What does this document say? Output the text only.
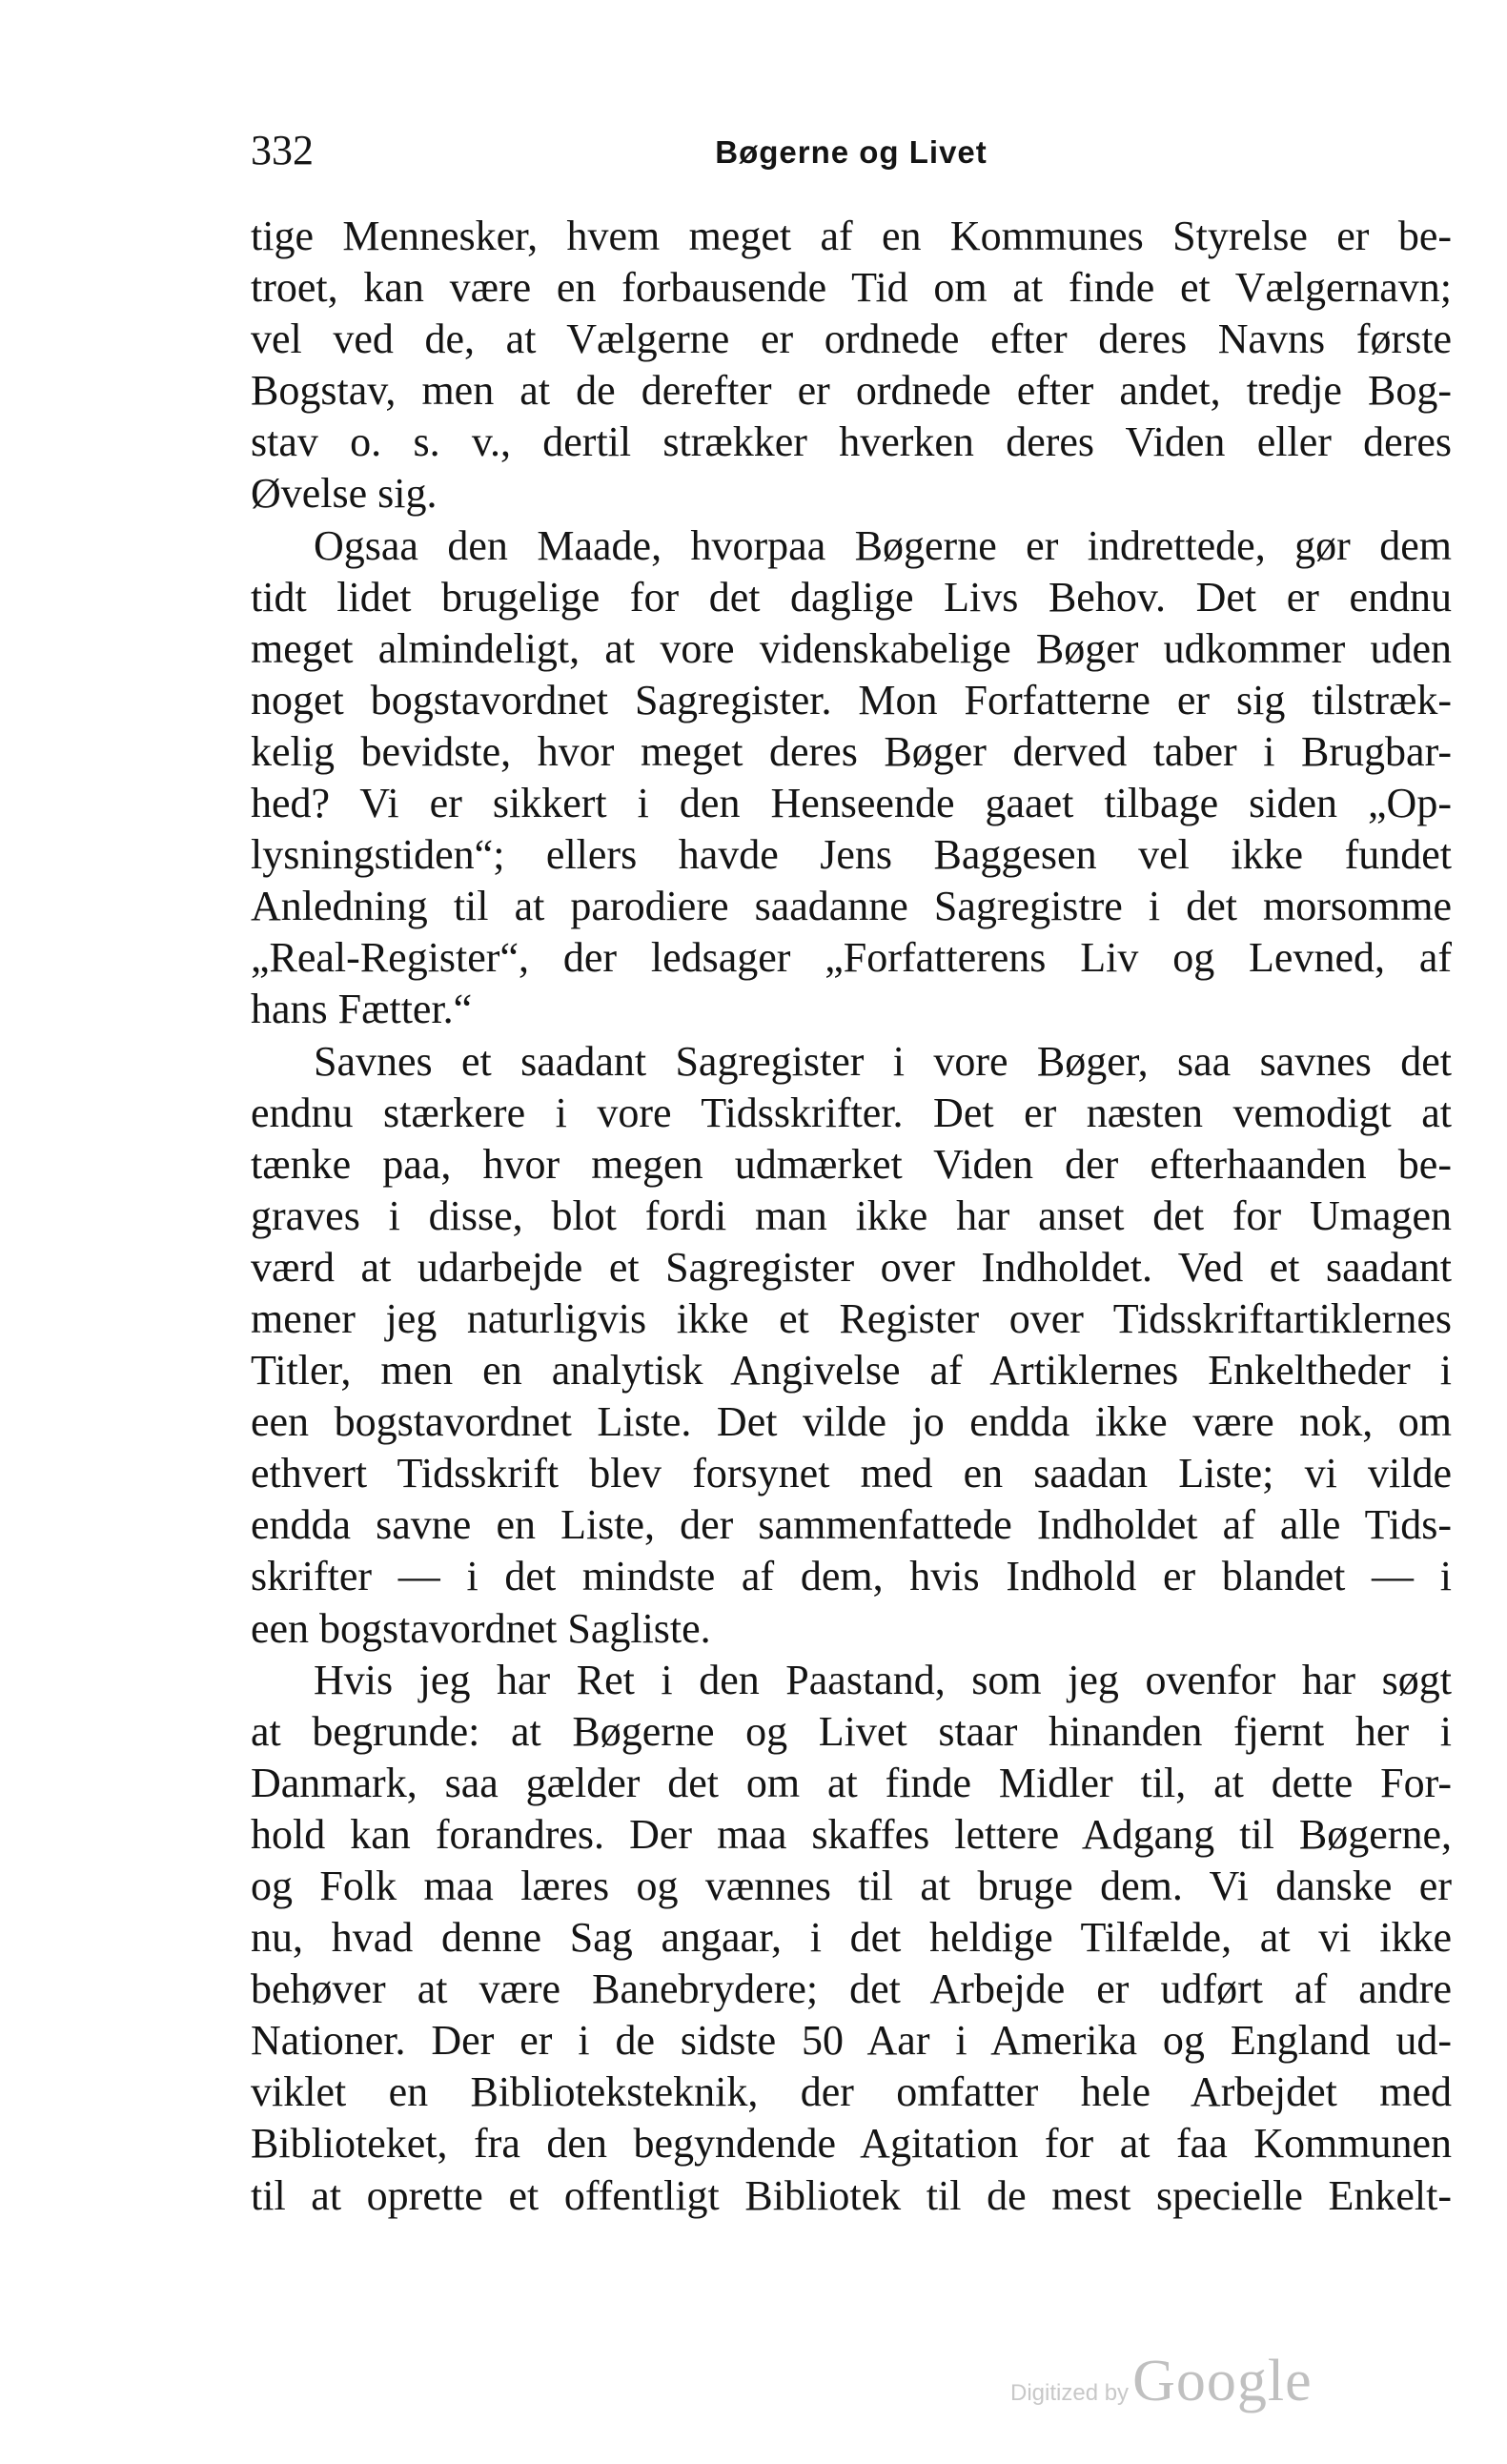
332	Bøgerne og Livet
tige Mennesker, hvem meget af en Kommunes Styrelse er be-
troet, kan være en forbausende Tid om at finde et Vælgernavn;
vel ved de, at Vælgerne er ordnede efter deres Navns første
Bogstav, men at de derefter er ordnede efter andet, tredje Bog-
stav o. s. v., dertil strækker hverken deres Viden eller deres
Øvelse sig.
Ogsaa den Maade, hvorpaa Bøgerne er indrettede, gør dem
tidt lidet brugelige for det daglige Livs Behov. Det er endnu
meget almindeligt, at vore videnskabelige Bøger udkommer uden
noget bogstavordnet Sagregister. Mon Forfatterne er sig tilstræk-
kelig bevidste, hvor meget deres Bøger derved taber i Brugbar-
hed? Vi er sikkert i den Henseende gaaet tilbage siden „Op-
lysningstiden“; ellers havde Jens Baggesen vel ikke fundet
Anledning til at parodiere saadanne Sagregistre i det morsomme
„Real-Register“, der ledsager „Forfatterens Liv og Levned, af
hans Fætter.“
Savnes et saadant Sagregister i vore Bøger, saa savnes det
endnu stærkere i vore Tidsskrifter. Det er næsten vemodigt at
tænke paa, hvor megen udmærket Viden der efterhaanden be-
graves i disse, blot fordi man ikke har anset det for Umagen
værd at udarbejde et Sagregister over Indholdet. Ved et saadant
mener jeg naturligvis ikke et Register over Tidsskriftartiklernes
Titler, men en analytisk Angivelse af Artiklernes Enkeltheder i
een bogstavordnet Liste. Det vilde jo endda ikke være nok, om
ethvert Tidsskrift blev forsynet med en saadan Liste; vi vilde
endda savne en Liste, der sammenfattede Indholdet af alle Tids-
skrifter — i det mindste af dem, hvis Indhold er blandet — i
een bogstavordnet Sagliste.
Hvis jeg har Ret i den Paastand, som jeg ovenfor har søgt
at begrunde: at Bøgerne og Livet staar hinanden fjernt her i
Danmark, saa gælder det om at finde Midler til, at dette For-
hold kan forandres. Der maa skaffes lettere Adgang til Bøgerne,
og Folk maa læres og vænnes til at bruge dem. Vi danske er
nu, hvad denne Sag angaar, i det heldige Tilfælde, at vi ikke
behøver at være Banebrydere; det Arbejde er udført af andre
Nationer. Der er i de sidste 50 Aar i Amerika og England ud-
viklet en Biblioteksteknik, der omfatter hele Arbejdet med
Biblioteket, fra den begyndende Agitation for at faa Kommunen
til at oprette et offentligt Bibliotek til de mest specielle Enkelt-
Digitized by Google
